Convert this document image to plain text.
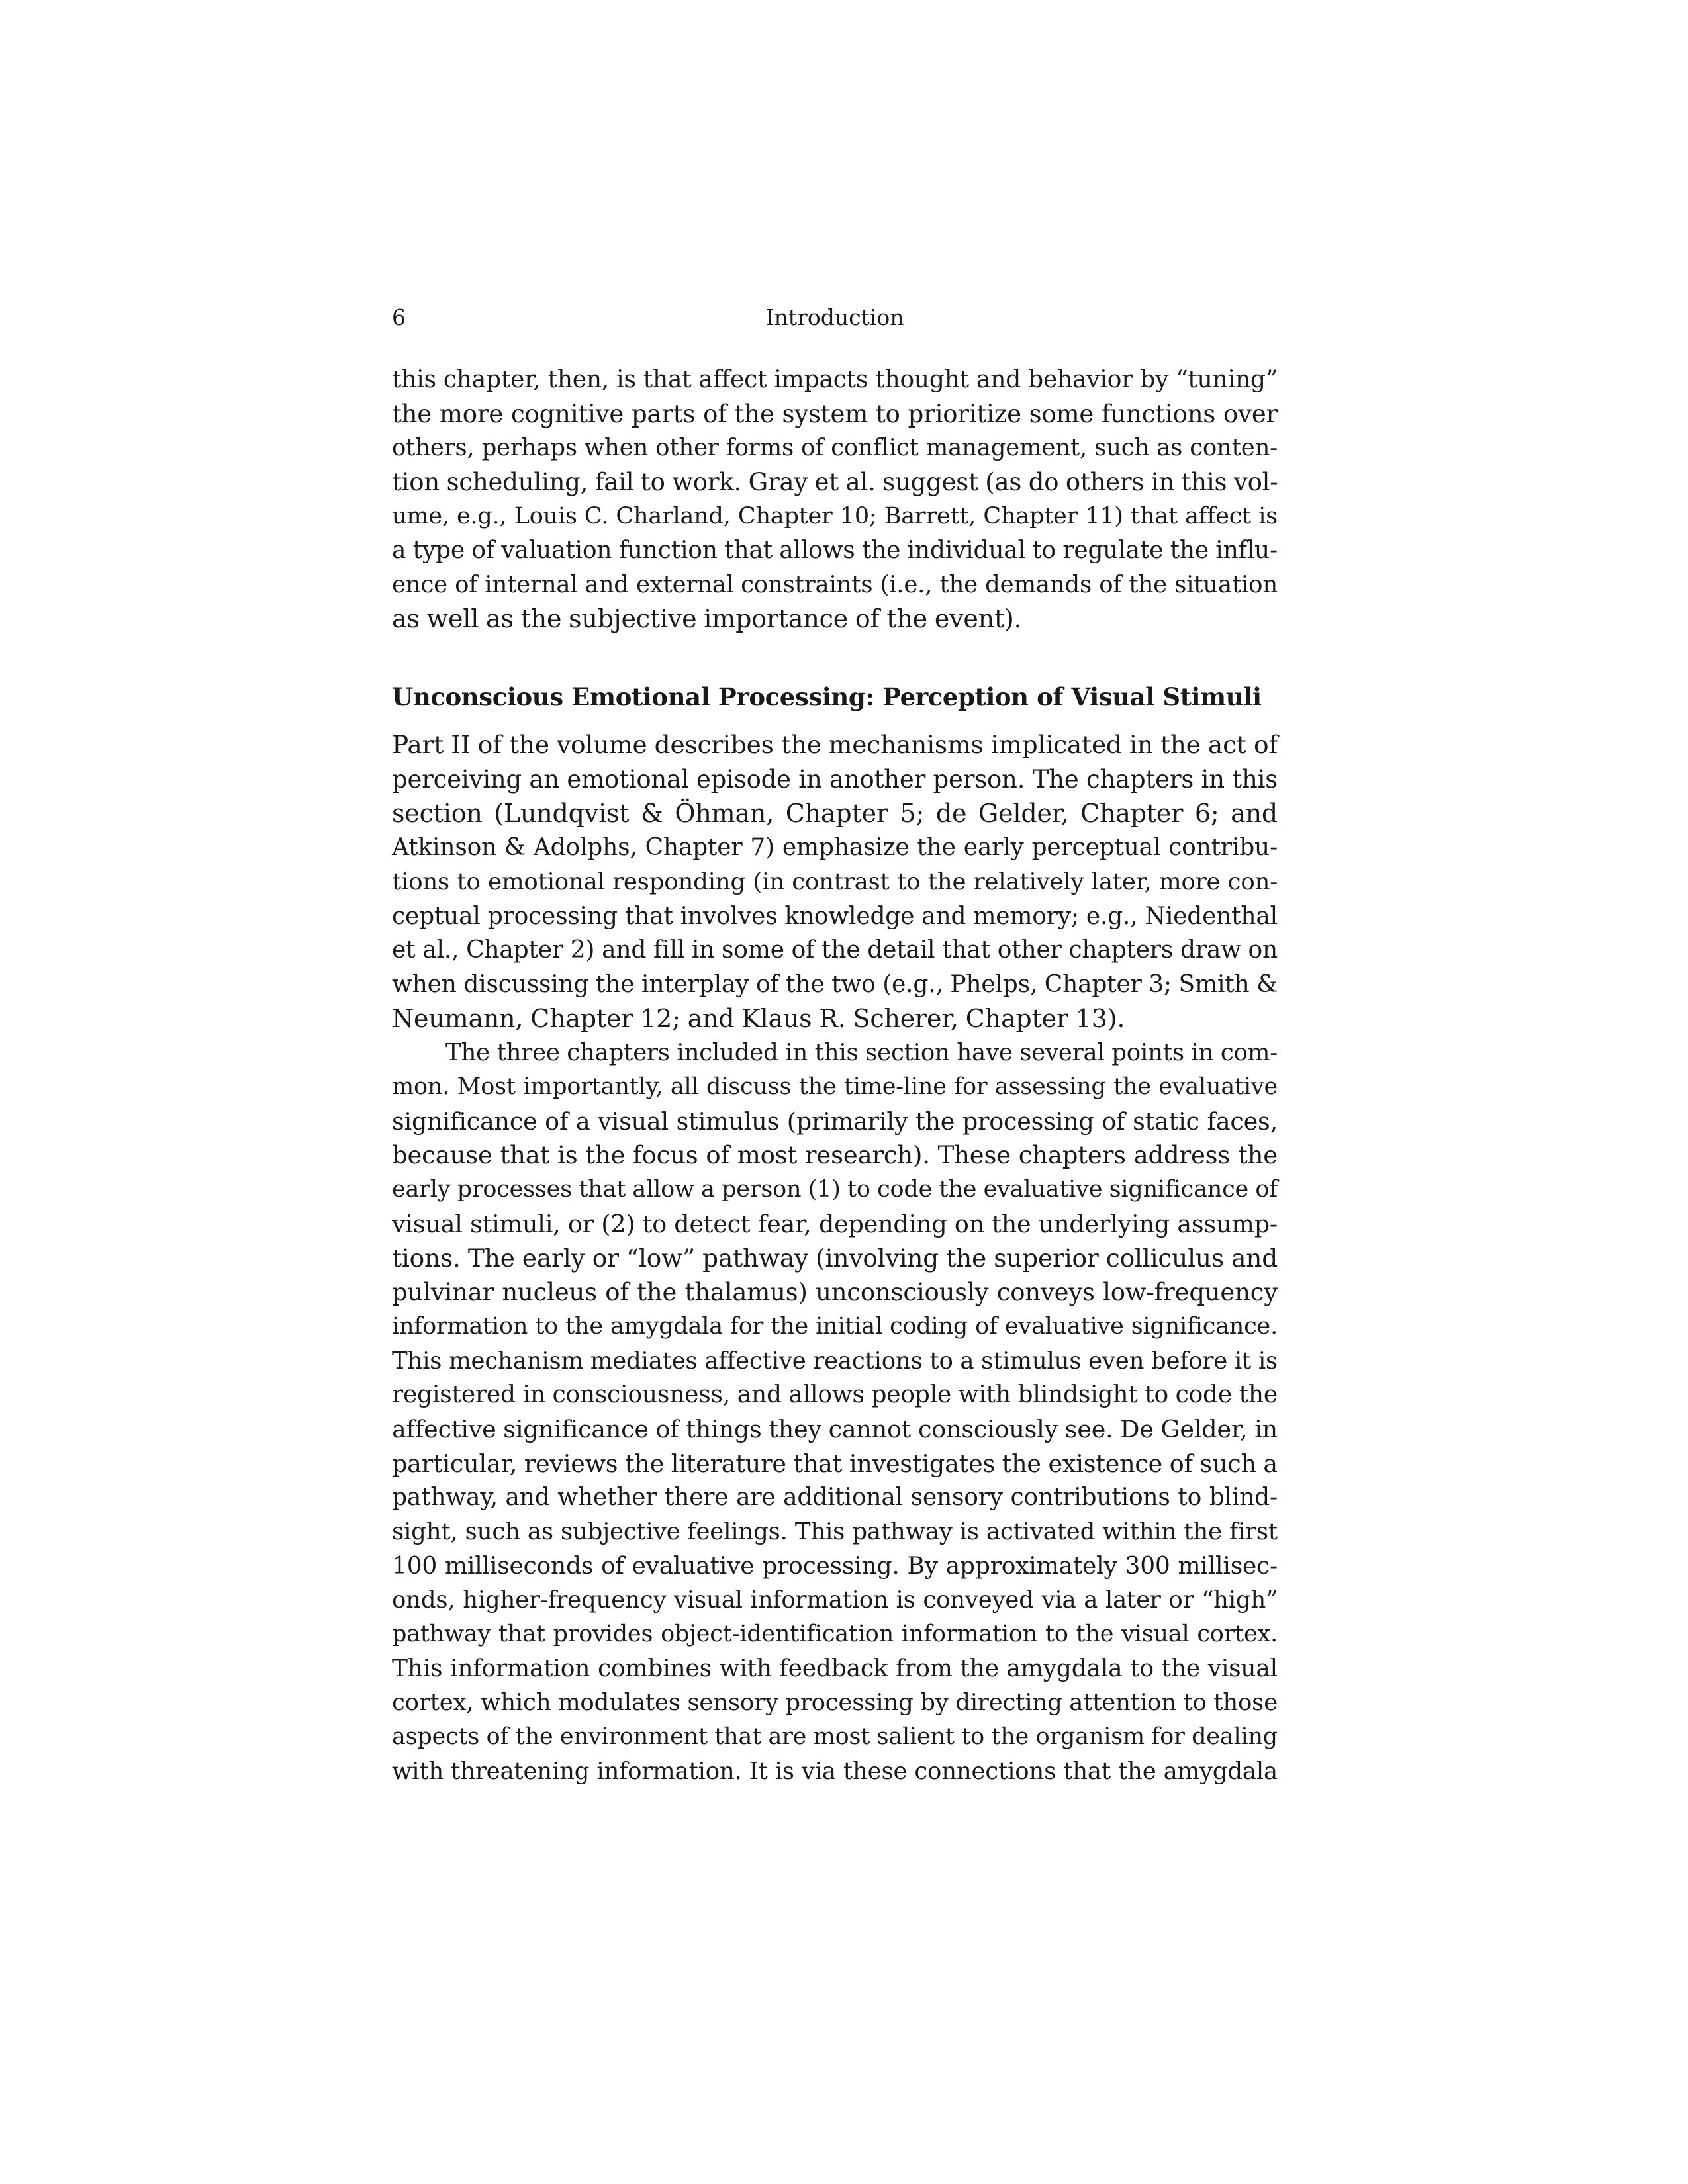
6	Introduction
this chapter, then, is that affect impacts thought and behavior by “tuning”
the more cognitive parts of the system to prioritize some functions over
others, perhaps when other forms of conflict management, such as conten-
tion scheduling, fail to work. Gray et al. suggest (as do others in this vol-
ume, e.g., Louis C. Charland, Chapter 10; Barrett, Chapter 11) that affect is
a type of valuation function that allows the individual to regulate the influ-
ence of internal and external constraints (i.e., the demands of the situation
as well as the subjective importance of the event).
Unconscious Emotional Processing: Perception of Visual Stimuli
Part II of the volume describes the mechanisms implicated in the act of
perceiving an emotional episode in another person. The chapters in this
section (Lundqvist & Öhman, Chapter 5; de Gelder, Chapter 6; and
Atkinson & Adolphs, Chapter 7) emphasize the early perceptual contribu-
tions to emotional responding (in contrast to the relatively later, more con-
ceptual processing that involves knowledge and memory; e.g., Niedenthal
et al., Chapter 2) and fill in some of the detail that other chapters draw on
when discussing the interplay of the two (e.g., Phelps, Chapter 3; Smith &
Neumann, Chapter 12; and Klaus R. Scherer, Chapter 13).
The three chapters included in this section have several points in com-
mon. Most importantly, all discuss the time-line for assessing the evaluative
significance of a visual stimulus (primarily the processing of static faces,
because that is the focus of most research). These chapters address the
early processes that allow a person (1) to code the evaluative significance of
visual stimuli, or (2) to detect fear, depending on the underlying assump-
tions. The early or “low” pathway (involving the superior colliculus and
pulvinar nucleus of the thalamus) unconsciously conveys low-frequency
information to the amygdala for the initial coding of evaluative significance.
This mechanism mediates affective reactions to a stimulus even before it is
registered in consciousness, and allows people with blindsight to code the
affective significance of things they cannot consciously see. De Gelder, in
particular, reviews the literature that investigates the existence of such a
pathway, and whether there are additional sensory contributions to blind-
sight, such as subjective feelings. This pathway is activated within the first
100 milliseconds of evaluative processing. By approximately 300 millisec-
onds, higher-frequency visual information is conveyed via a later or “high”
pathway that provides object-identification information to the visual cortex.
This information combines with feedback from the amygdala to the visual
cortex, which modulates sensory processing by directing attention to those
aspects of the environment that are most salient to the organism for dealing
with threatening information. It is via these connections that the amygdala
